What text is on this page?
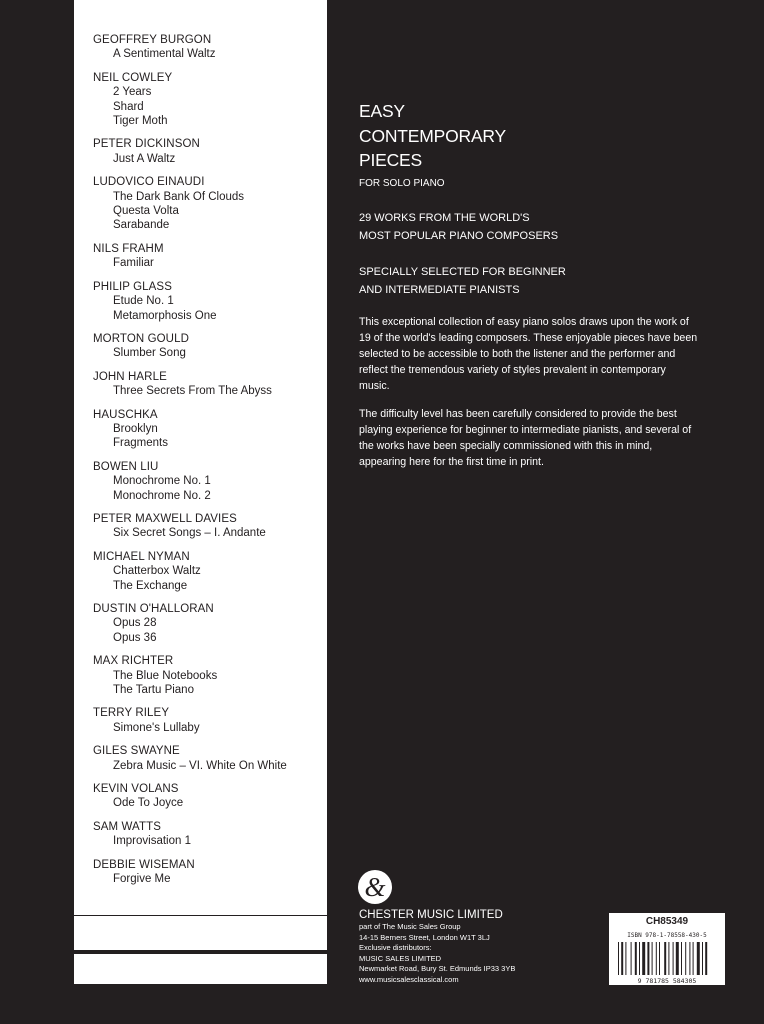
GEOFFREY BURGON
A Sentimental Waltz
NEIL COWLEY
2 Years
Shard
Tiger Moth
PETER DICKINSON
Just A Waltz
LUDOVICO EINAUDI
The Dark Bank Of Clouds
Questa Volta
Sarabande
NILS FRAHM
Familiar
PHILIP GLASS
Etude No. 1
Metamorphosis One
MORTON GOULD
Slumber Song
JOHN HARLE
Three Secrets From The Abyss
HAUSCHKA
Brooklyn
Fragments
BOWEN LIU
Monochrome No. 1
Monochrome No. 2
PETER MAXWELL DAVIES
Six Secret Songs – I. Andante
MICHAEL NYMAN
Chatterbox Waltz
The Exchange
DUSTIN O'HALLORAN
Opus 28
Opus 36
MAX RICHTER
The Blue Notebooks
The Tartu Piano
TERRY RILEY
Simone's Lullaby
GILES SWAYNE
Zebra Music – VI. White On White
KEVIN VOLANS
Ode To Joyce
SAM WATTS
Improvisation 1
DEBBIE WISEMAN
Forgive Me
EASY
CONTEMPORARY
PIECES
FOR SOLO PIANO
29 WORKS FROM THE WORLD'S
MOST POPULAR PIANO COMPOSERS
SPECIALLY SELECTED FOR BEGINNER
AND INTERMEDIATE PIANISTS
This exceptional collection of easy piano solos draws upon the work of 19 of the world's leading composers. These enjoyable pieces have been selected to be accessible to both the listener and the performer and reflect the tremendous variety of styles prevalent in contemporary music.
The difficulty level has been carefully considered to provide the best playing experience for beginner to intermediate pianists, and several of the works have been specially commissioned with this in mind, appearing here for the first time in print.
&
CHESTER MUSIC LIMITED
part of The Music Sales Group
14-15 Berners Street, London W1T 3LJ
Exclusive distributors:
MUSIC SALES LIMITED
Newmarket Road, Bury St. Edmunds IP33 3YB
www.musicsalesclassical.com
CH85349
ISBN 978-1-78558-430-5
9 781785 584305
